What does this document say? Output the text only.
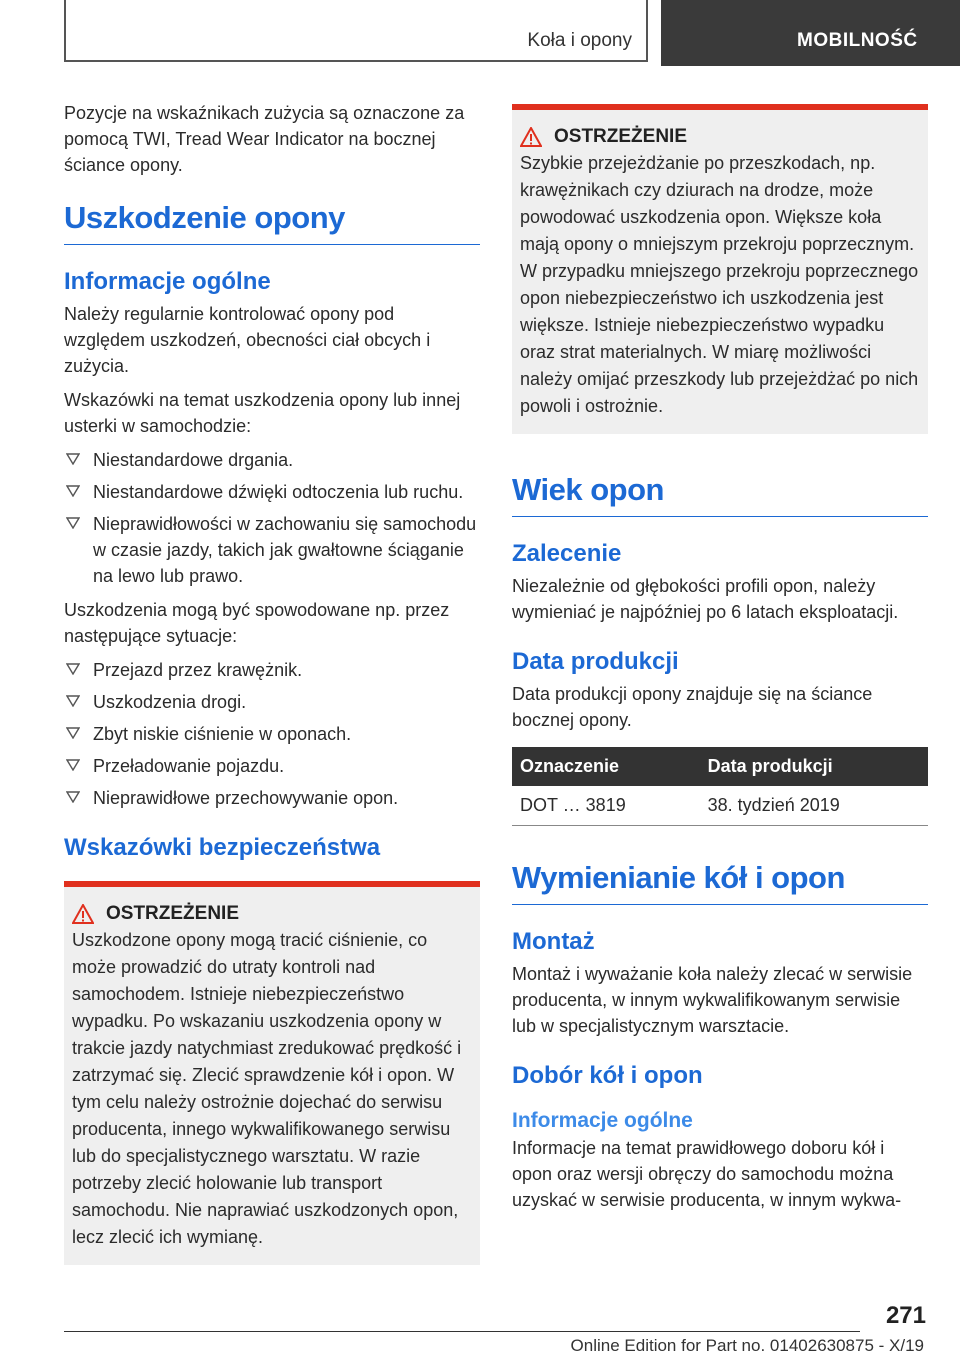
Koła i opony	MOBILNOŚĆ

Pozycje na wskaźnikach zużycia są oznaczone za pomocą TWI, Tread Wear Indicator na bocznej ściance opony.

Uszkodzenie opony
Informacje ogólne

Należy regularnie kontrolować opony pod względem uszkodzeń, obecności ciał obcych i zużycia.

Wskazówki na temat uszkodzenia opony lub innej usterki w samochodzie:

Niestandardowe drgania.
Niestandardowe dźwięki odtoczenia lub ruchu.
Nieprawidłowości w zachowaniu się samochodu w czasie jazdy, takich jak gwałtowne ściąganie na lewo lub prawo.

Uszkodzenia mogą być spowodowane np. przez następujące sytuacje:

Przejazd przez krawężnik.
Uszkodzenia drogi.
Zbyt niskie ciśnienie w oponach.
Przeładowanie pojazdu.
Nieprawidłowe przechowywanie opon.
Wskazówki bezpieczeństwa
OSTRZEŻENIE

Uszkodzone opony mogą tracić ciśnienie, co może prowadzić do utraty kontroli nad samochodem. Istnieje niebezpieczeństwo wypadku. Po wskazaniu uszkodzenia opony w trakcie jazdy natychmiast zredukować prędkość i zatrzymać się. Zlecić sprawdzenie kół i opon. W tym celu należy ostrożnie dojechać do serwisu producenta, innego wykwalifikowanego serwisu lub do specjalistycznego warsztatu. W razie potrzeby zlecić holowanie lub transport samochodu. Nie naprawiać uszkodzonych opon, lecz zlecić ich wymianę.

OSTRZEŻENIE

Szybkie przejeżdżanie po przeszkodach, np. krawężnikach czy dziurach na drodze, może powodować uszkodzenia opon. Większe koła mają opony o mniejszym przekroju poprzecznym.

W przypadku mniejszego przekroju poprzecznego opon niebezpieczeństwo ich uszkodzenia jest większe. Istnieje niebezpieczeństwo wypadku oraz strat materialnych. W miarę możliwości należy omijać przeszkody lub przejeżdżać po nich powoli i ostrożnie.

Wiek opon
Zalecenie

Niezależnie od głębokości profili opon, należy wymieniać je najpóźniej po 6 latach eksploatacji.

Data produkcji

Data produkcji opony znajduje się na ściance bocznej opony.

Oznaczenie	Data produkcji
DOT … 3819	38. tydzień 2019
Wymienianie kół i opon
Montaż

Montaż i wyważanie koła należy zlecać w serwisie producenta, w innym wykwalifikowanym serwisie lub w specjalistycznym warsztacie.

Dobór kół i opon
Informacje ogólne

Informacje na temat prawidłowego doboru kół i opon oraz wersji obręczy do samochodu można uzyskać w serwisie producenta, w innym wykwa-

271
Online Edition for Part no. 01402630875 - X/19
